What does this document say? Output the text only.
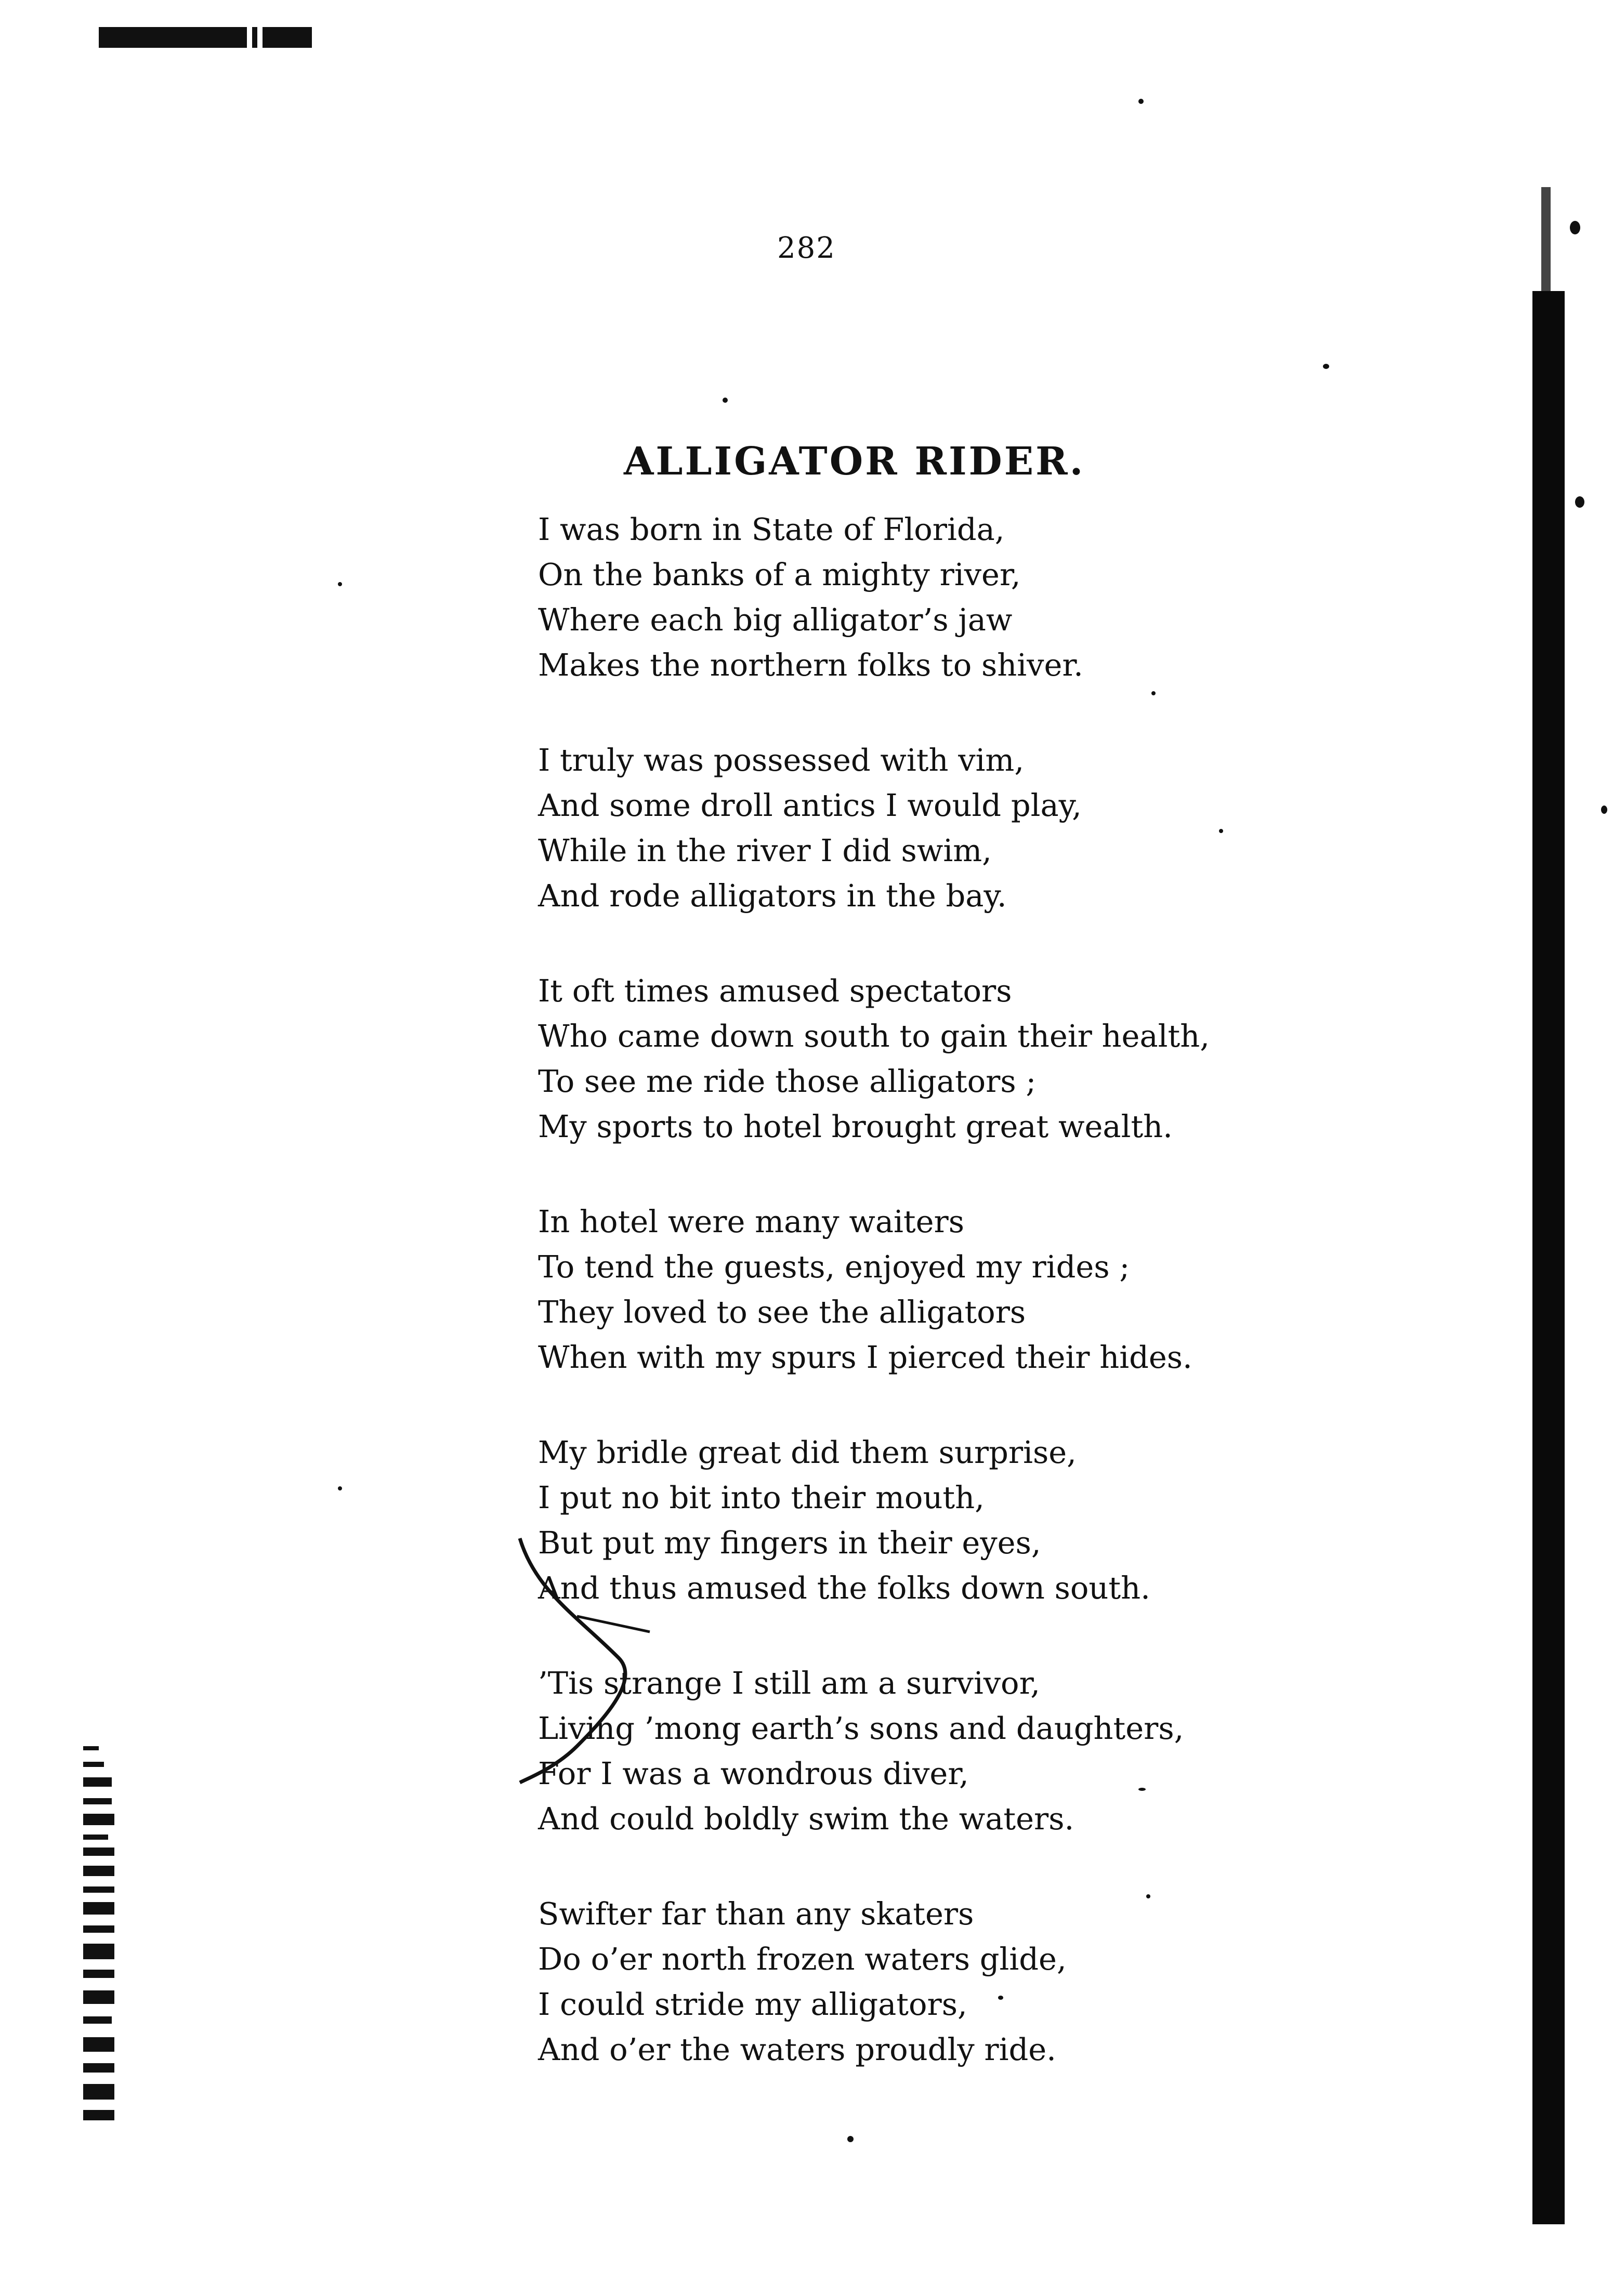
282
ALLIGATOR RIDER.
I was born in State of Florida,
On the banks of a mighty river,
Where each big alligator’s jaw
Makes the northern folks to shiver.
I truly was possessed with vim,
And some droll antics I would play,
While in the river I did swim,
And rode alligators in the bay.
It oft times amused spectators
Who came down south to gain their health,
To see me ride those alligators ;
My sports to hotel brought great wealth.
In hotel were many waiters
To tend the guests, enjoyed my rides ;
They loved to see the alligators
When with my spurs I pierced their hides.
My bridle great did them surprise,
I put no bit into their mouth,
But put my fingers in their eyes,
And thus amused the folks down south.
’Tis strange I still am a survivor,
Living ’mong earth’s sons and daughters,
For I was a wondrous diver,
And could boldly swim the waters.
Swifter far than any skaters
Do o’er north frozen waters glide,
I could stride my alligators,
And o’er the waters proudly ride.
